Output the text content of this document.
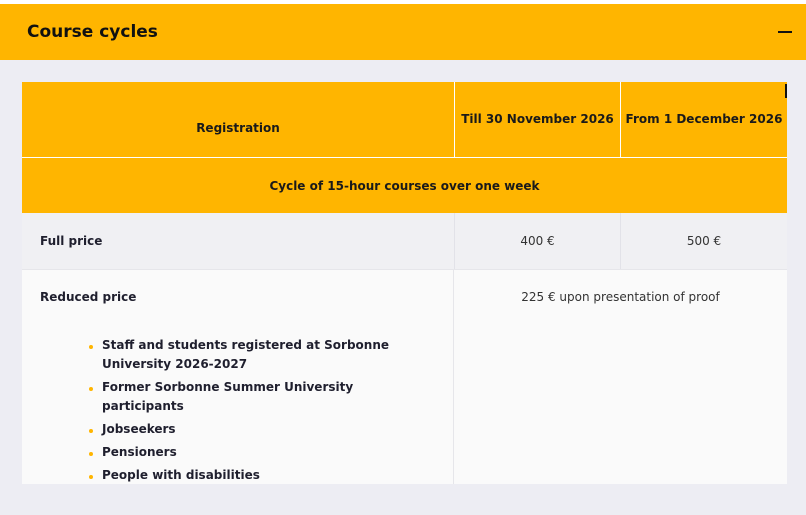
Course cycles
Registration
Till 30 November 2026 From 1 December 2026
Cycle of 15-hour courses over one week
Full price	400 €	500 €
Reduced price
Staff and students registered at Sorbonne University 2026-2027
Former Sorbonne Summer University participants
Jobseekers
Pensioners
People with disabilities
225 € upon presentation of proof
